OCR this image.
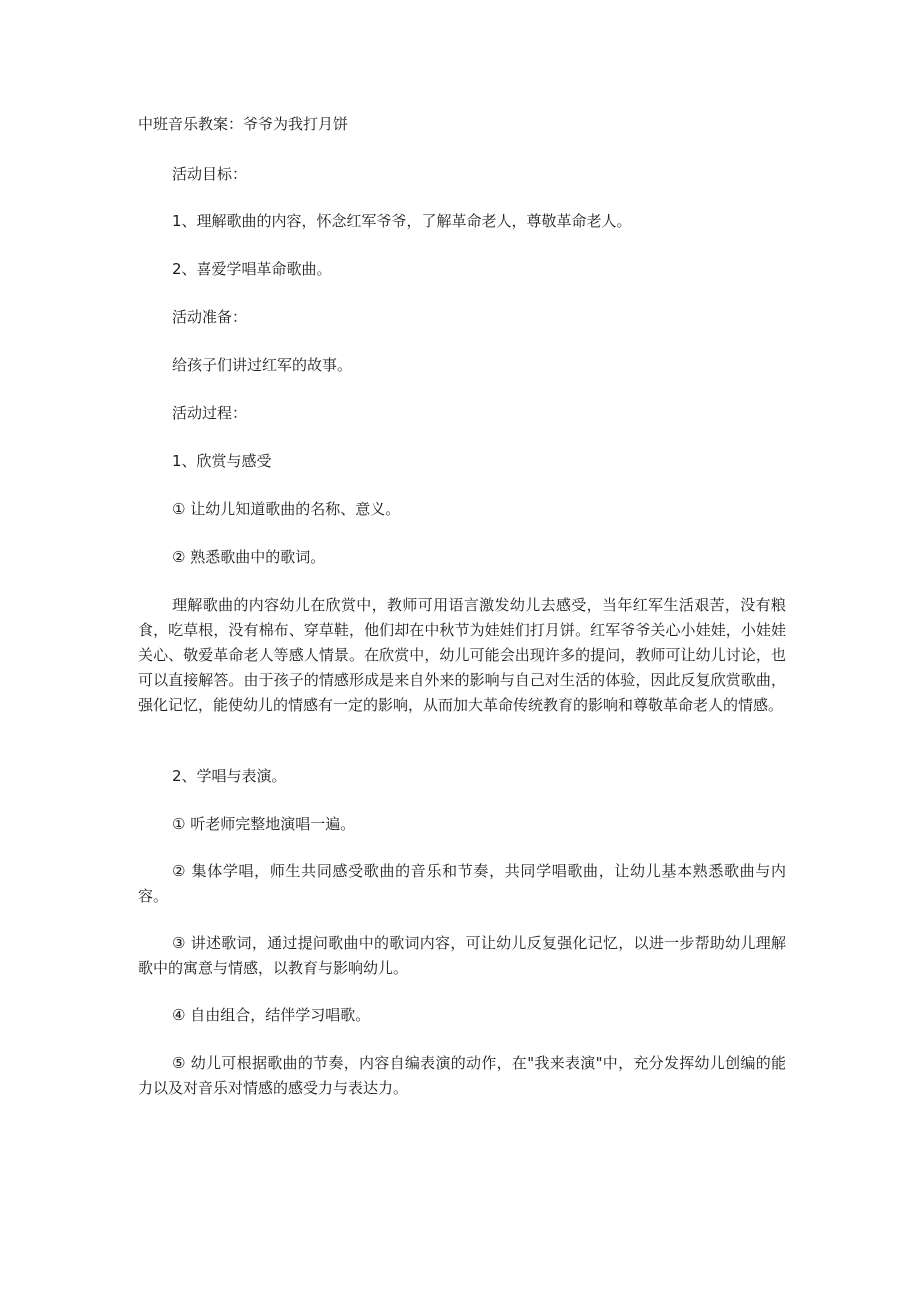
中班音乐教案：爷爷为我打月饼

活动目标：

1、理解歌曲的内容，怀念红军爷爷，了解革命老人，尊敬革命老人。

2、喜爱学唱革命歌曲。

活动准备：

给孩子们讲过红军的故事。

活动过程：

1、欣赏与感受

① 让幼儿知道歌曲的名称、意义。

② 熟悉歌曲中的歌词。

理解歌曲的内容幼儿在欣赏中，教师可用语言激发幼儿去感受，当年红军生活艰苦，没有粮食，吃草根，没有棉布、穿草鞋，他们却在中秋节为娃娃们打月饼。红军爷爷关心小娃娃，小娃娃关心、敬爱革命老人等感人情景。在欣赏中，幼儿可能会出现许多的提问，教师可让幼儿讨论，也可以直接解答。由于孩子的情感形成是来自外来的影响与自己对生活的体验，因此反复欣赏歌曲，强化记忆，能使幼儿的情感有一定的影响，从而加大革命传统教育的影响和尊敬革命老人的情感。

2、学唱与表演。

① 听老师完整地演唱一遍。

② 集体学唱，师生共同感受歌曲的音乐和节奏，共同学唱歌曲，让幼儿基本熟悉歌曲与内容。

③ 讲述歌词，通过提问歌曲中的歌词内容，可让幼儿反复强化记忆，以进一步帮助幼儿理解歌中的寓意与情感，以教育与影响幼儿。

④ 自由组合，结伴学习唱歌。

⑤ 幼儿可根据歌曲的节奏，内容自编表演的动作，在"我来表演"中，充分发挥幼儿创编的能力以及对音乐对情感的感受力与表达力。
